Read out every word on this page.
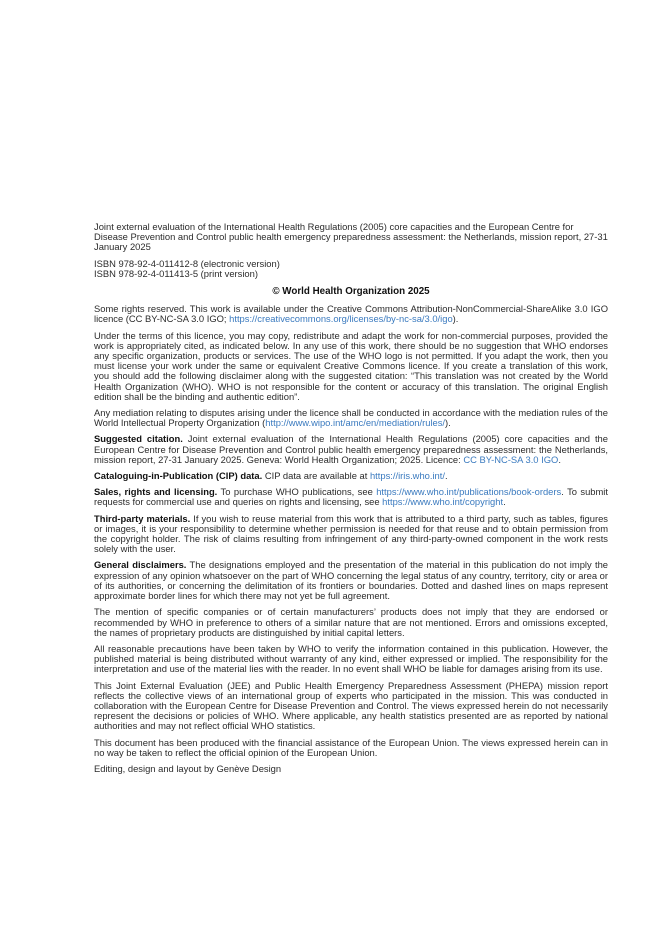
Joint external evaluation of the International Health Regulations (2005) core capacities and the European Centre for Disease Prevention and Control public health emergency preparedness assessment: the Netherlands, mission report, 27-31 January 2025

ISBN 978-92-4-011412-8 (electronic version)

ISBN 978-92-4-011413-5 (print version)

© World Health Organization 2025

Some rights reserved. This work is available under the Creative Commons Attribution-NonCommercial-ShareAlike 3.0 IGO licence (CC BY-NC-SA 3.0 IGO; https://creativecommons.org/licenses/by-nc-sa/3.0/igo).

Under the terms of this licence, you may copy, redistribute and adapt the work for non-commercial purposes, provided the work is appropriately cited, as indicated below. In any use of this work, there should be no suggestion that WHO endorses any specific organization, products or services. The use of the WHO logo is not permitted. If you adapt the work, then you must license your work under the same or equivalent Creative Commons licence. If you create a translation of this work, you should add the following disclaimer along with the suggested citation: “This translation was not created by the World Health Organization (WHO). WHO is not responsible for the content or accuracy of this translation. The original English edition shall be the binding and authentic edition”.

Any mediation relating to disputes arising under the licence shall be conducted in accordance with the mediation rules of the World Intellectual Property Organization (http://www.wipo.int/amc/en/mediation/rules/).

Suggested citation. Joint external evaluation of the International Health Regulations (2005) core capacities and the European Centre for Disease Prevention and Control public health emergency preparedness assessment: the Netherlands, mission report, 27-31 January 2025. Geneva: World Health Organization; 2025. Licence: CC BY-NC-SA 3.0 IGO.

Cataloguing-in-Publication (CIP) data. CIP data are available at https://iris.who.int/.

Sales, rights and licensing. To purchase WHO publications, see https://www.who.int/publications/book-orders. To submit requests for commercial use and queries on rights and licensing, see https://www.who.int/copyright.

Third-party materials. If you wish to reuse material from this work that is attributed to a third party, such as tables, figures or images, it is your responsibility to determine whether permission is needed for that reuse and to obtain permission from the copyright holder. The risk of claims resulting from infringement of any third-party-owned component in the work rests solely with the user.

General disclaimers. The designations employed and the presentation of the material in this publication do not imply the expression of any opinion whatsoever on the part of WHO concerning the legal status of any country, territory, city or area or of its authorities, or concerning the delimitation of its frontiers or boundaries. Dotted and dashed lines on maps represent approximate border lines for which there may not yet be full agreement.

The mention of specific companies or of certain manufacturers’ products does not imply that they are endorsed or recommended by WHO in preference to others of a similar nature that are not mentioned. Errors and omissions excepted, the names of proprietary products are distinguished by initial capital letters.

All reasonable precautions have been taken by WHO to verify the information contained in this publication. However, the published material is being distributed without warranty of any kind, either expressed or implied. The responsibility for the interpretation and use of the material lies with the reader. In no event shall WHO be liable for damages arising from its use.

This Joint External Evaluation (JEE) and Public Health Emergency Preparedness Assessment (PHEPA) mission report reflects the collective views of an international group of experts who participated in the mission. This was conducted in collaboration with the European Centre for Disease Prevention and Control. The views expressed herein do not necessarily represent the decisions or policies of WHO. Where applicable, any health statistics presented are as reported by national authorities and may not reflect official WHO statistics.

This document has been produced with the financial assistance of the European Union. The views expressed herein can in no way be taken to reflect the official opinion of the European Union.

Editing, design and layout by Genève Design
